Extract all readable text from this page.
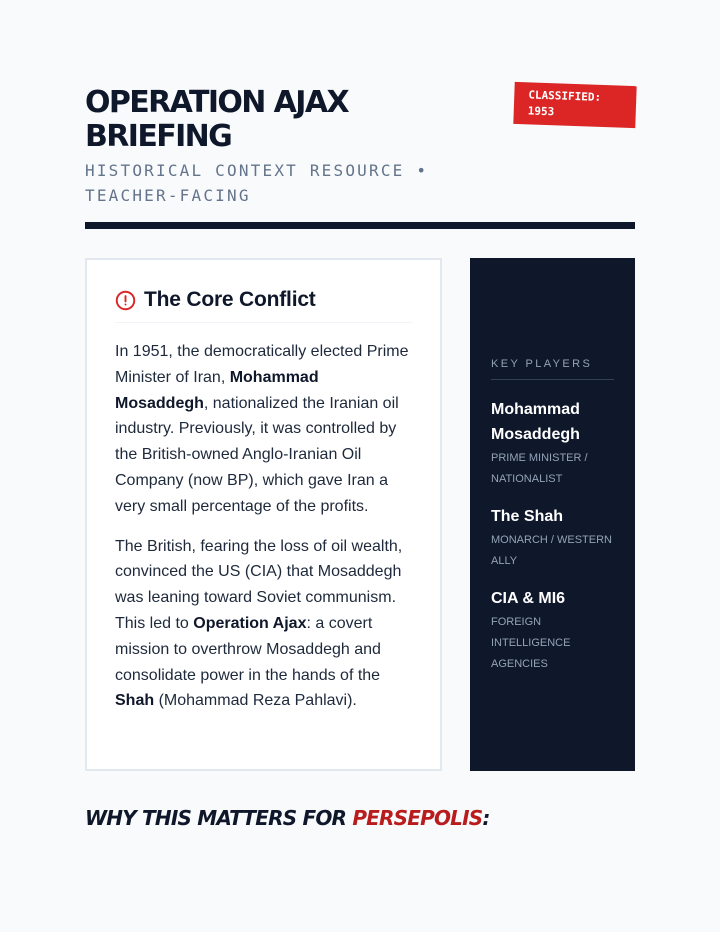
OPERATION AJAX BRIEFING
HISTORICAL CONTEXT RESOURCE • TEACHER-FACING
CLASSIFIED: 1953
The Core Conflict

In 1951, the democratically elected Prime Minister of Iran, Mohammad Mosaddegh, nationalized the Iranian oil industry. Previously, it was controlled by the British-owned Anglo-Iranian Oil Company (now BP), which gave Iran a very small percentage of the profits.

The British, fearing the loss of oil wealth, convinced the US (CIA) that Mosaddegh was leaning toward Soviet communism. This led to Operation Ajax: a covert mission to overthrow Mosaddegh and consolidate power in the hands of the Shah (Mohammad Reza Pahlavi).

KEY PLAYERS
Mohammad Mosaddegh
PRIME MINISTER / NATIONALIST
The Shah
MONARCH / WESTERN ALLY
CIA & MI6
FOREIGN INTELLIGENCE AGENCIES
WHY THIS MATTERS FOR PERSEPOLIS:
